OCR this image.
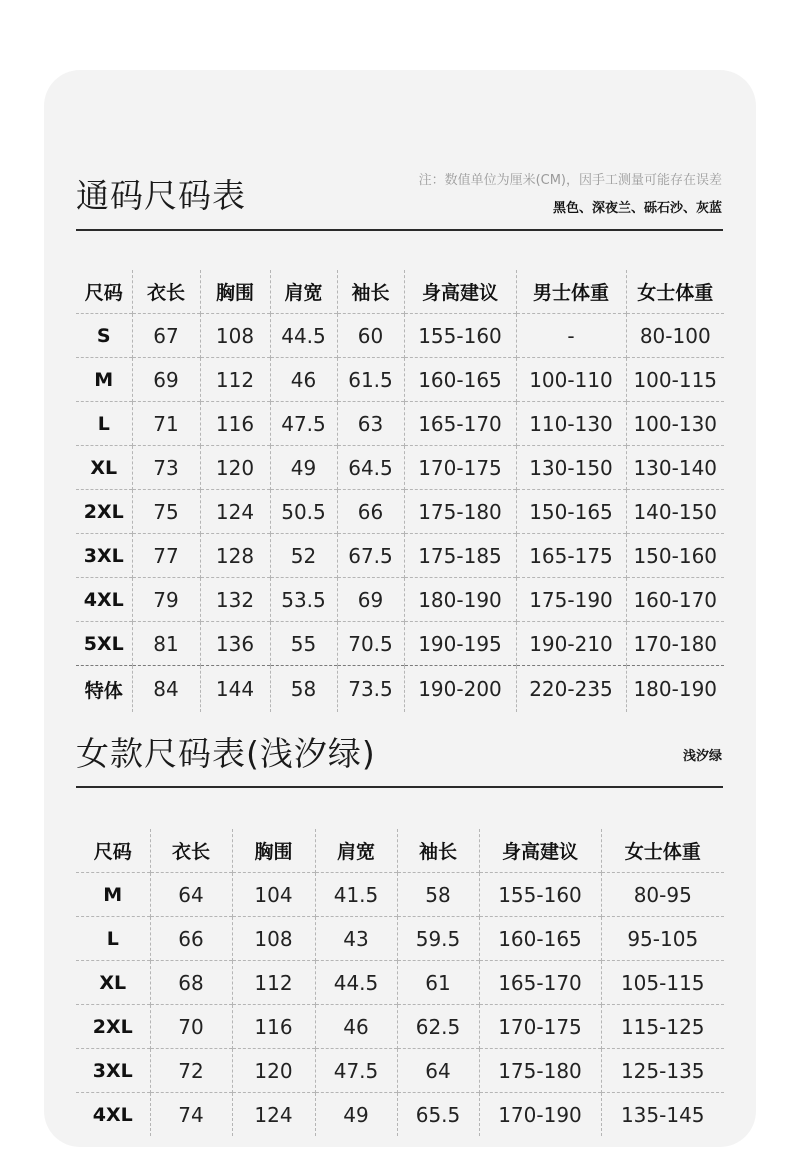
通码尺码表	注：数值单位为厘米(CM)，因手工测量可能存在误差
黑色、深夜兰、砾石沙、灰蓝
尺码	衣长	胸围	肩宽	袖长	身高建议	男士体重	女士体重
S	67	108	44.5	60	155-160	-	80-100
M	69	112	46	61.5	160-165	100-110	100-115
L	71	116	47.5	63	165-170	110-130	100-130
XL	73	120	49	64.5	170-175	130-150	130-140
2XL	75	124	50.5	66	175-180	150-165	140-150
3XL	77	128	52	67.5	175-185	165-175	150-160
4XL	79	132	53.5	69	180-190	175-190	160-170
5XL	81	136	55	70.5	190-195	190-210	170-180
特体	84	144	58	73.5	190-200	220-235	180-190
女款尺码表(浅汐绿)	浅汐绿
尺码	衣长	胸围	肩宽	袖长	身高建议	女士体重
M	64	104	41.5	58	155-160	80-95
L	66	108	43	59.5	160-165	95-105
XL	68	112	44.5	61	165-170	105-115
2XL	70	116	46	62.5	170-175	115-125
3XL	72	120	47.5	64	175-180	125-135
4XL	74	124	49	65.5	170-190	135-145
